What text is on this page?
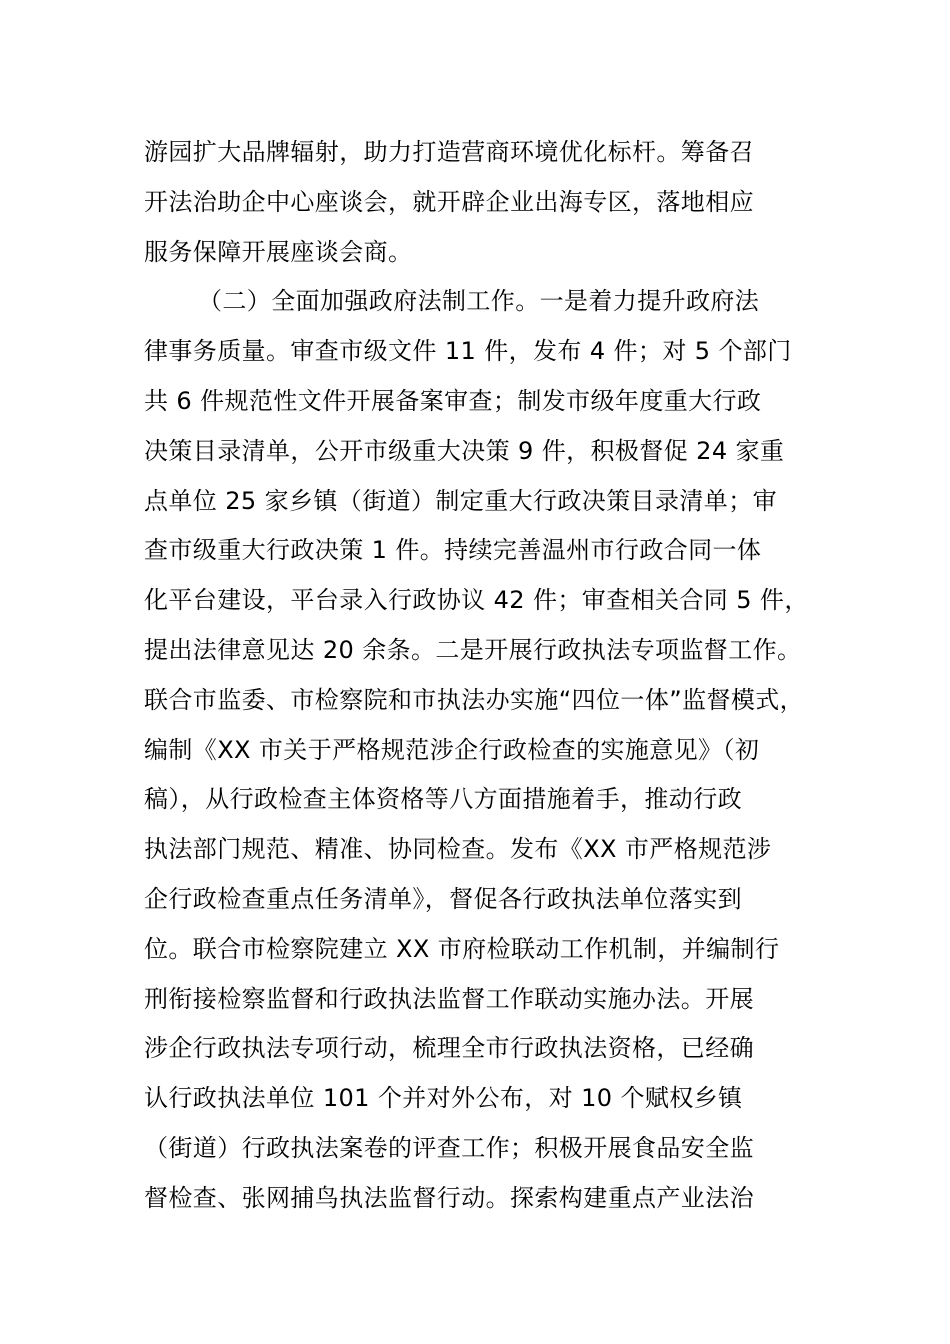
游园扩大品牌辐射，助力打造营商环境优化标杆。筹备召
开法治助企中心座谈会，就开辟企业出海专区，落地相应
服务保障开展座谈会商。
（二）全面加强政府法制工作。一是着力提升政府法
律事务质量。审查市级文件 11 件，发布 4 件；对 5 个部门
共 6 件规范性文件开展备案审查；制发市级年度重大行政
决策目录清单，公开市级重大决策 9 件，积极督促 24 家重
点单位 25 家乡镇（街道）制定重大行政决策目录清单；审
查市级重大行政决策 1 件。持续完善温州市行政合同一体
化平台建设，平台录入行政协议 42 件；审查相关合同 5 件，
提出法律意见达 20 余条。二是开展行政执法专项监督工作。
联合市监委、市检察院和市执法办实施“四位一体”监督模式，
编制《XX 市关于严格规范涉企行政检查的实施意见》（初
稿），从行政检查主体资格等八方面措施着手，推动行政
执法部门规范、精准、协同检查。发布《XX 市严格规范涉
企行政检查重点任务清单》，督促各行政执法单位落实到
位。联合市检察院建立 XX 市府检联动工作机制，并编制行
刑衔接检察监督和行政执法监督工作联动实施办法。开展
涉企行政执法专项行动，梳理全市行政执法资格，已经确
认行政执法单位 101 个并对外公布，对 10 个赋权乡镇
（街道）行政执法案卷的评查工作；积极开展食品安全监
督检查、张网捕鸟执法监督行动。探索构建重点产业法治
